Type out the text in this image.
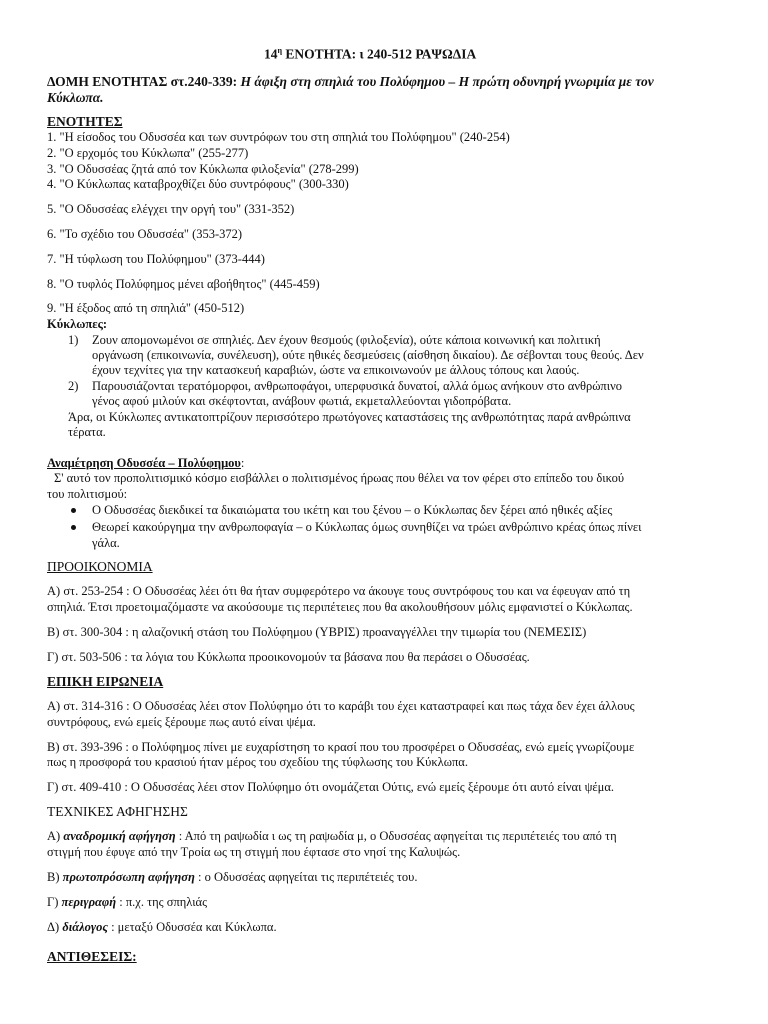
$14^\eta$ ΕΝΟΤΗΤΑ: ι 240-512 ΡΑΨΩΔΙΑ
ΔΟΜΗ ΕΝΟΤΗΤΑΣ στ.240-339: Η άφιξη στη σπηλιά του Πολύφημου – Η πρώτη οδυνηρή γνωριμία με τον
Κύκλωπα.
ΕΝΟΤΗΤΕΣ
1. "Η είσοδος του Οδυσσέα και των συντρόφων του στη σπηλιά του Πολύφημου" (240-254)
2. "Ο ερχομός του Κύκλωπα" (255-277)
3. "Ο Οδυσσέας ζητά από τον Κύκλωπα φιλοξενία" (278-299)
4. "Ο Κύκλωπας καταβροχθίζει δύο συντρόφους" (300-330)
5. "Ο Οδυσσέας ελέγχει την οργή του" (331-352)
6. "Το σχέδιο του Οδυσσέα" (353-372)
7. "Η τύφλωση του Πολύφημου" (373-444)
8. "Ο τυφλός Πολύφημος μένει αβοήθητος" (445-459)
9. "Η έξοδος από τη σπηλιά" (450-512)
Κύκλωπες:
1) Ζουν απομονωμένοι σε σπηλιές. Δεν έχουν θεσμούς (φιλοξενία), ούτε κάποια κοινωνική και πολιτική
οργάνωση (επικοινωνία, συνέλευση), ούτε ηθικές δεσμεύσεις (αίσθηση δικαίου). Δε σέβονται τους θεούς. Δεν
έχουν τεχνίτες για την κατασκευή καραβιών, ώστε να επικοινωνούν με άλλους τόπους και λαούς.
2) Παρουσιάζονται τερατόμορφοι, ανθρωποφάγοι, υπερφυσικά δυνατοί, αλλά όμως ανήκουν στο ανθρώπινο
γένος αφού μιλούν και σκέφτονται, ανάβουν φωτιά, εκμεταλλεύονται γιδοπρόβατα.
Άρα, οι Κύκλωπες αντικατοπτρίζουν περισσότερο πρωτόγονες καταστάσεις της ανθρωπότητας παρά ανθρώπινα
τέρατα.
Αναμέτρηση Οδυσσέα – Πολύφημου:
Σ' αυτό τον προπολιτισμικό κόσμο εισβάλλει ο πολιτισμένος ήρωας που θέλει να τον φέρει στο επίπεδο του δικού
του πολιτισμού:
Ο Οδυσσέας διεκδικεί τα δικαιώματα του ικέτη και του ξένου – ο Κύκλωπας δεν ξέρει από ηθικές αξίες
Θεωρεί κακούργημα την ανθρωποφαγία – ο Κύκλωπας όμως συνηθίζει να τρώει ανθρώπινο κρέας όπως πίνει
γάλα.
ΠΡΟΟΙΚΟΝΟΜΙΑ
Α) στ. 253-254 : Ο Οδυσσέας λέει ότι θα ήταν συμφερότερο να άκουγε τους συντρόφους του και να έφευγαν από τη
σπηλιά. Έτσι προετοιμαζόμαστε να ακούσουμε τις περιπέτειες που θα ακολουθήσουν μόλις εμφανιστεί ο Κύκλωπας.
Β) στ. 300-304 : η αλαζονική στάση του Πολύφημου (ΥΒΡΙΣ) προαναγγέλλει την τιμωρία του (ΝΕΜΕΣΙΣ)
Γ) στ. 503-506 : τα λόγια του Κύκλωπα προοικονομούν τα βάσανα που θα περάσει ο Οδυσσέας.
ΕΠΙΚΗ ΕΙΡΩΝΕΙΑ
Α) στ. 314-316 : Ο Οδυσσέας λέει στον Πολύφημο ότι το καράβι του έχει καταστραφεί και πως τάχα δεν έχει άλλους
συντρόφους, ενώ εμείς ξέρουμε πως αυτό είναι ψέμα.
Β) στ. 393-396 : ο Πολύφημος πίνει με ευχαρίστηση το κρασί που του προσφέρει ο Οδυσσέας, ενώ εμείς γνωρίζουμε
πως η προσφορά του κρασιού ήταν μέρος του σχεδίου της τύφλωσης του Κύκλωπα.
Γ) στ. 409-410 : Ο Οδυσσέας λέει στον Πολύφημο ότι ονομάζεται Ούτις, ενώ εμείς ξέρουμε ότι αυτό είναι ψέμα.
ΤΕΧΝΙΚΕΣ ΑΦΗΓΗΣΗΣ
Α) αναδρομική αφήγηση : Από τη ραψωδία ι ως τη ραψωδία μ, ο Οδυσσέας αφηγείται τις περιπέτειές του από τη
στιγμή που έφυγε από την Τροία ως τη στιγμή που έφτασε στο νησί της Καλυψώς.
Β) πρωτοπρόσωπη αφήγηση : ο Οδυσσέας αφηγείται τις περιπέτειές του.
Γ) περιγραφή : π.χ. της σπηλιάς
Δ) διάλογος : μεταξύ Οδυσσέα και Κύκλωπα.
ΑΝΤΙΘΕΣΕΙΣ:
